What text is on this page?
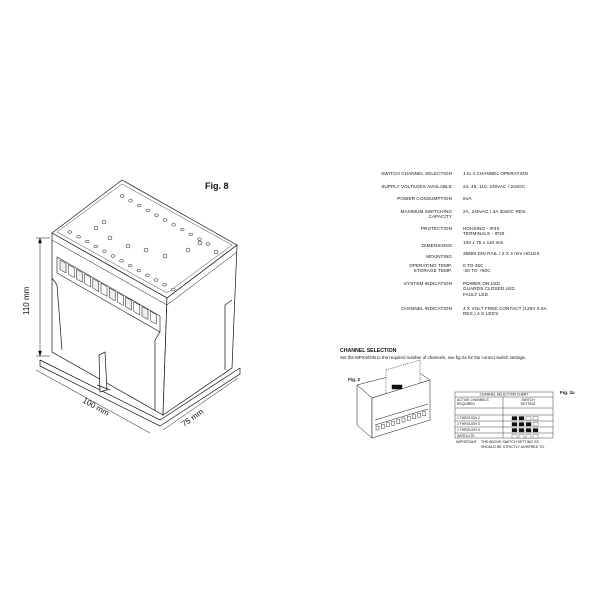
110 mm
100 mm
75 mm
Fig. 8
SWITCH CHANNEL SELECTION 1 to 4 CHANNEL OPERATION
SUPPLY VOLTAGES AVAILABLE 24, 48, 110, 240vAC / 24vDC
POWER CONSUMPTION 6VA
MAXIMUM SWITCHING
CAPACITY
2A, 240vAC / 3A 30vDC RES.
PROTECTION HOUSING - IP40
TERMINALS - IP20
DIMENSIONS
100 x 75 x 110 mm
MOUNTING
35MM DIN RAIL / 2 X 4 mm HOLES
OPERATING TEMP.
STORAGE TEMP.
0 TO 45C
-20 TO +50C
SYSTEM INDICATION POWER ON LED
GUARDS CLOSED LED
FAULT LED
CHANNEL INDICATION 4 X VOLT FREE CONTACT (125V 0.5A
RES.) 4 X LED's
CHANNEL SELECTION
Set the MPX4/DIN to the required number of channels, see fig 2a for the correct switch settings.
Fig. 2
Fig. 2a
CHANNEL SELECTION CHART
ACTIVE CHANNELS
REQUIRED
SWITCH
SETTING
1 THROUGH 2
1 THROUGH 3
1 THROUGH 4
SATELLITE
IMPORTANT THE ABOVE SWITCH SETTING SS
SHOULD BE STRICTLY ADHERED TO.
